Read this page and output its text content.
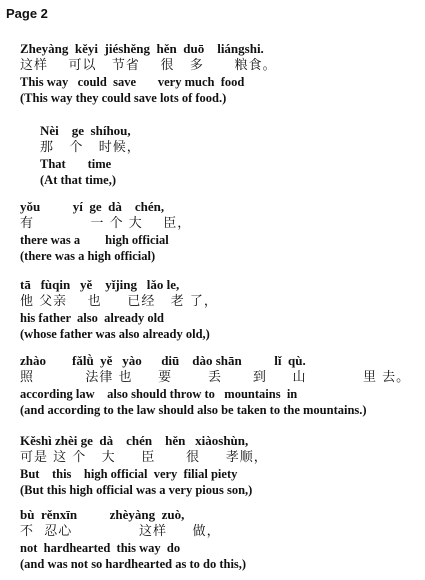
Page 2
Zheyàng  kěyi  jiéshěng  hěn  duō    liángshi.
这样    可以   节省    很   多      粮食。
This way   could  save       very much  food
(This way they could save lots of food.)
Nèi    ge  shíhou,
那   个   时候，
That       time
(At that time,)
yǒu          yí  ge  dà    chén,
有           一 个 大    臣，
there was a        high official
(there was a high official)
tā   fùqin   yě    yǐjing   lǎo le,
他 父亲    也     已经   老 了，
his father  also  already old
(whose father was also already old,)
zhào        fǎlǜ  yě   yào      diū    dào shān          lǐ  qù.
照          法律 也     要       丢      到     山           里 去。
according law    also should throw to   mountains  in
(and according to the law should also be taken to the mountains.)
Kěshì zhèi ge  dà    chén    hěn   xiàoshùn,
可是 这 个   大     臣      很     孝顺，
But    this    high official  very  filial piety
(But this high official was a very pious son,)
bù  rěnxīn          zhèyàng  zuò,
不  忍心             这样     做，
not  hardhearted  this way  do
(and was not so hardhearted as to do this,)
